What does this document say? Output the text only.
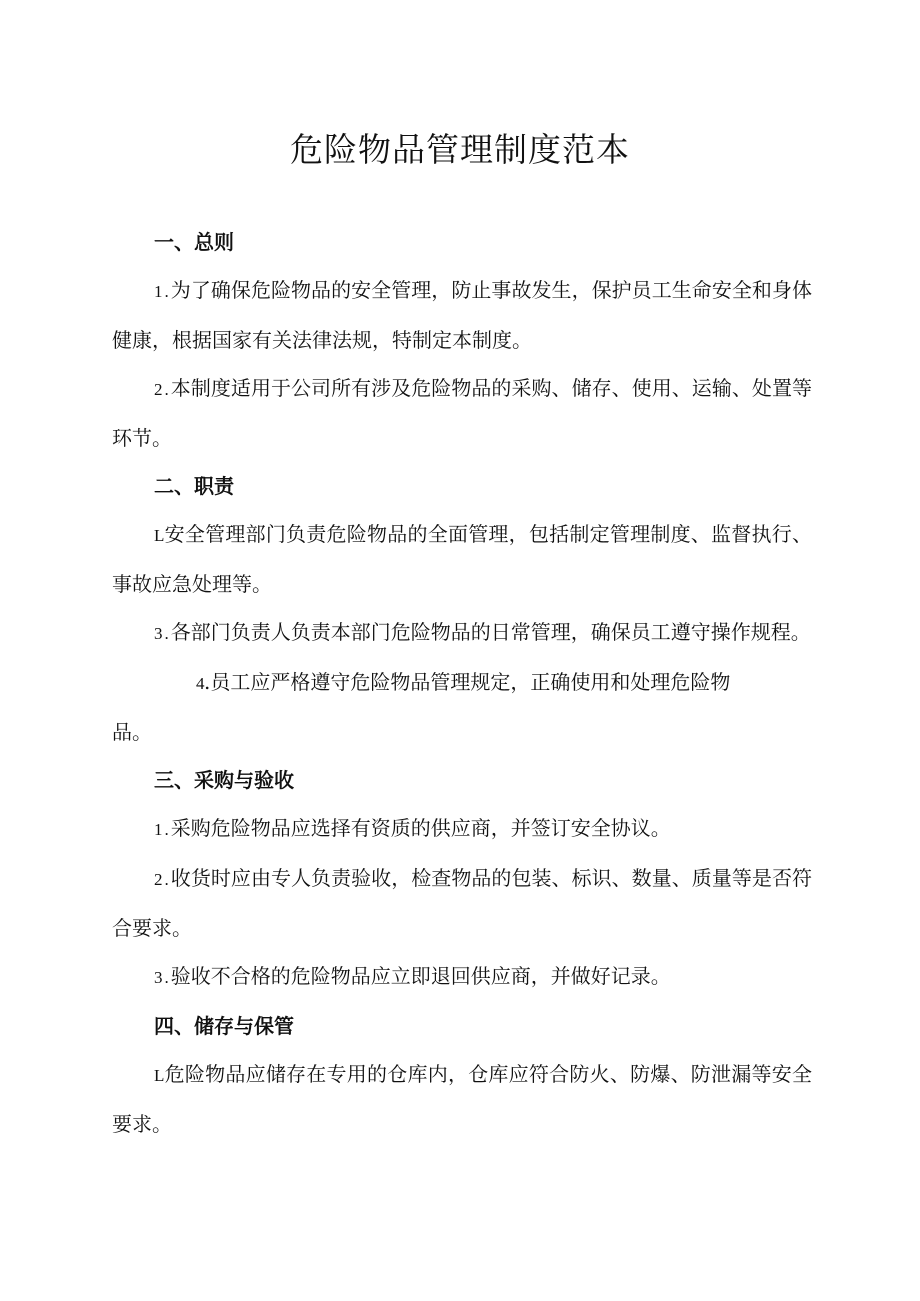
危险物品管理制度范本

一、总则

1.为了确保危险物品的安全管理，防止事故发生，保护员工生命安全和身体健康，根据国家有关法律法规，特制定本制度。

2.本制度适用于公司所有涉及危险物品的采购、储存、使用、运输、处置等环节。

二、职责

L安全管理部门负责危险物品的全面管理，包括制定管理制度、监督执行、事故应急处理等。

3.各部门负责人负责本部门危险物品的日常管理，确保员工遵守操作规程。

4.员工应严格遵守危险物品管理规定，正确使用和处理危险物
品。

三、采购与验收

1.采购危险物品应选择有资质的供应商，并签订安全协议。

2.收货时应由专人负责验收，检查物品的包装、标识、数量、质量等是否符合要求。

3.验收不合格的危险物品应立即退回供应商，并做好记录。

四、储存与保管

L危险物品应储存在专用的仓库内，仓库应符合防火、防爆、防泄漏等安全要求。
